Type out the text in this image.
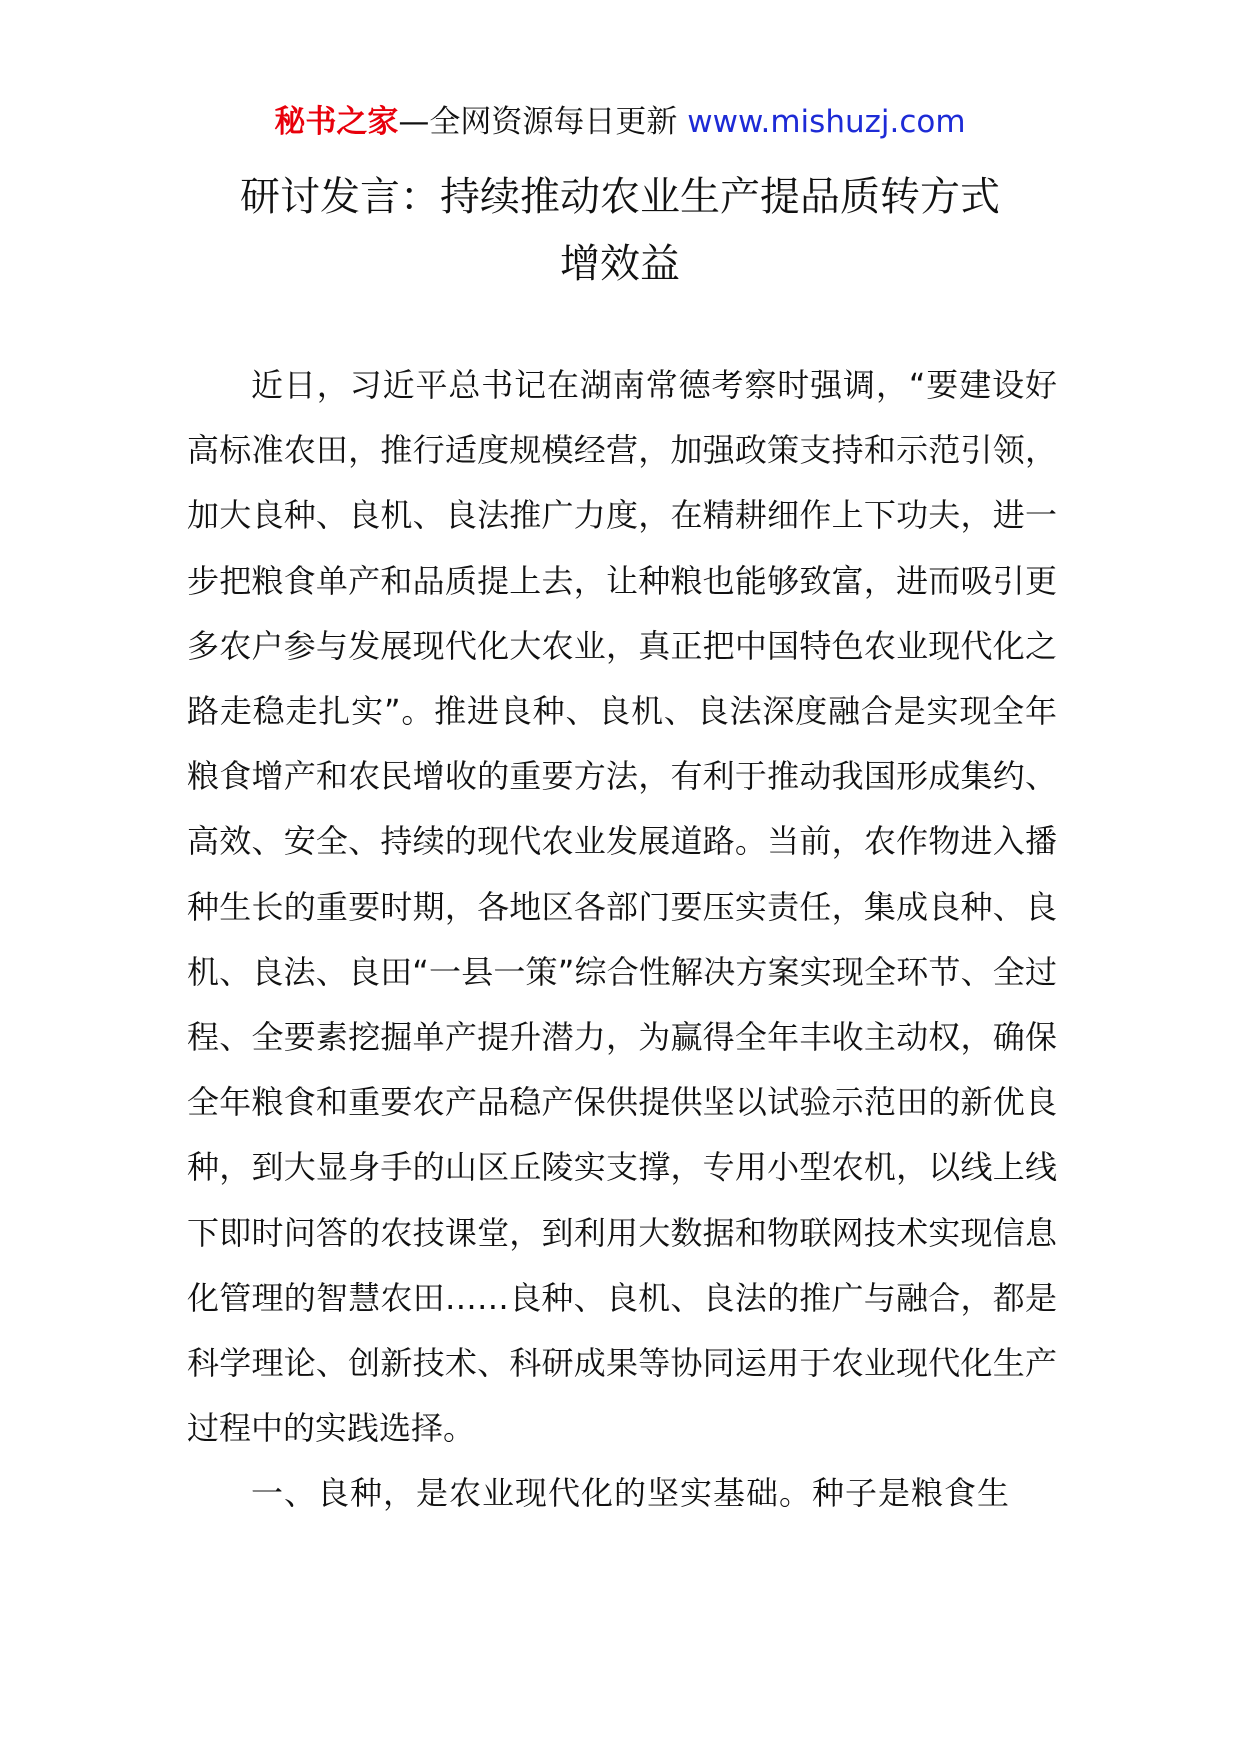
秘书之家—全网资源每日更新 www.mishuzj.com
研讨发言：持续推动农业生产提品质转方式
增效益

近日，习近平总书记在湖南常德考察时强调，“要建设好高标准农田，推行适度规模经营，加强政策支持和示范引领，加大良种、良机、良法推广力度，在精耕细作上下功夫，进一步把粮食单产和品质提上去，让种粮也能够致富，进而吸引更多农户参与发展现代化大农业，真正把中国特色农业现代化之路走稳走扎实”。推进良种、良机、良法深度融合是实现全年粮食增产和农民增收的重要方法，有利于推动我国形成集约、高效、安全、持续的现代农业发展道路。当前，农作物进入播种生长的重要时期，各地区各部门要压实责任，集成良种、良机、良法、良田“一县一策”综合性解决方案实现全环节、全过程、全要素挖掘单产提升潜力，为赢得全年丰收主动权，确保全年粮食和重要农产品稳产保供提供坚以试验示范田的新优良种，到大显身手的山区丘陵实支撑，专用小型农机，以线上线下即时问答的农技课堂，到利用大数据和物联网技术实现信息化管理的智慧农田……良种、良机、良法的推广与融合，都是科学理论、创新技术、科研成果等协同运用于农业现代化生产过程中的实践选择。

一、良种，是农业现代化的坚实基础。种子是粮食生
